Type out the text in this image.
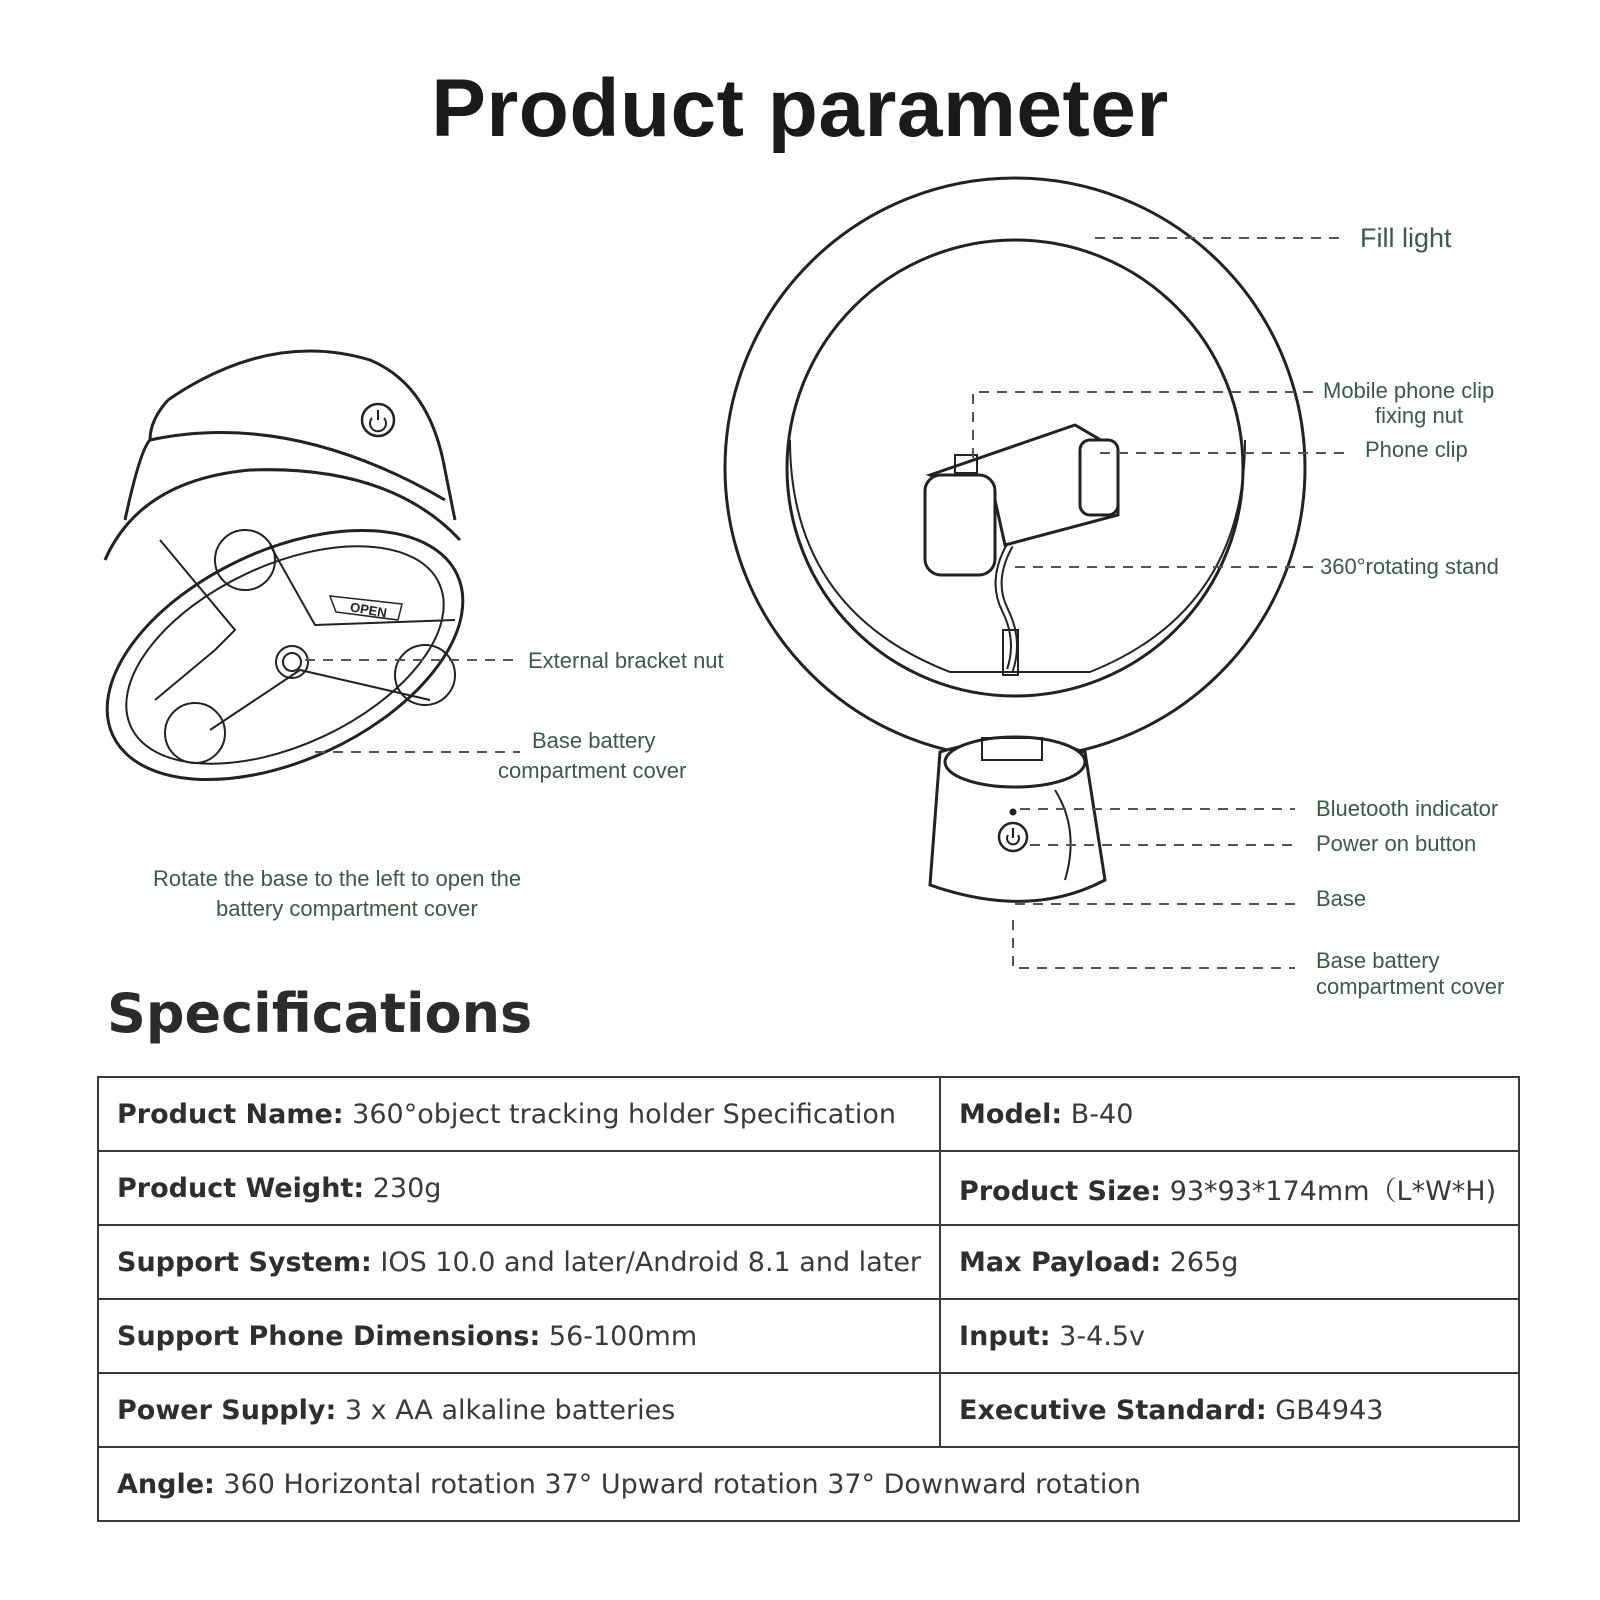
Product parameter
OPEN
External bracket nut
Base battery
compartment cover
Rotate the base to the left to open the
battery compartment cover
Fill light
Mobile phone clip
fixing nut
Phone clip
360°rotating stand
Bluetooth indicator
Power on button
Base
Base battery
compartment cover
Specifications
Product Name: 360°object tracking holder Specification	Model: B-40
Product Weight: 230g	Product Size: 93*93*174mm（L*W*H)
Support System: IOS 10.0 and later/Android 8.1 and later	Max Payload: 265g
Support Phone Dimensions: 56-100mm	Input: 3-4.5v
Power Supply: 3 x AA alkaline batteries	Executive Standard: GB4943
Angle: 360 Horizontal rotation 37° Upward rotation 37° Downward rotation	
